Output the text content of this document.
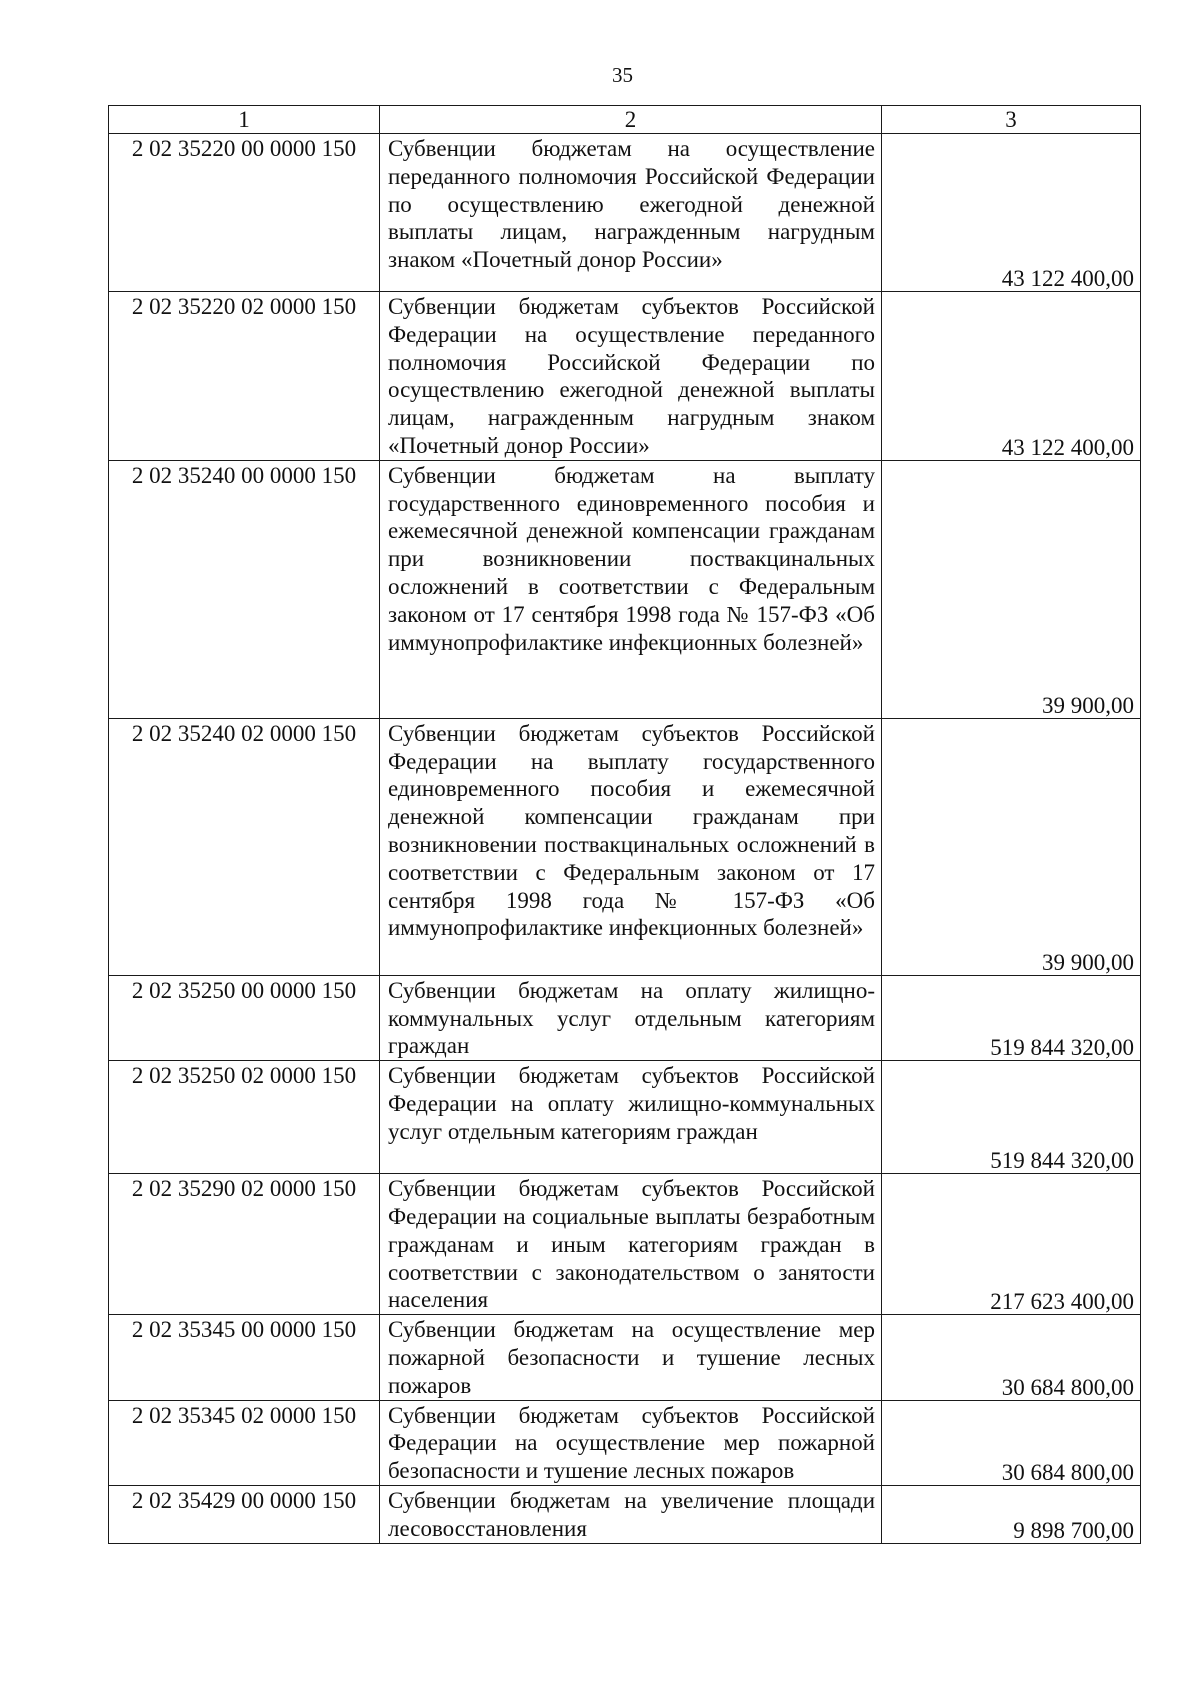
35
1	2	3
2 02 35220 00 0000 150	Субвенции бюджетам на осуществление переданного полномочия Российской Федерации по осуществлению ежегодной денежной выплаты лицам, награжденным нагрудным знаком «Почетный донор России»	43 122 400,00
2 02 35220 02 0000 150	Субвенции бюджетам субъектов Российской Федерации на осуществление переданного полномочия Российской Федерации по осуществлению ежегодной денежной выплаты лицам, награжденным нагрудным знаком «Почетный донор России»	43 122 400,00
2 02 35240 00 0000 150	Субвенции бюджетам на выплату государственного единовременного пособия и ежемесячной денежной компенсации гражданам при возникновении поствакцинальных осложнений в соответствии с Федеральным законом от 17 сентября 1998 года № 157-ФЗ «Об иммунопрофилактике инфекционных болезней»	39 900,00
2 02 35240 02 0000 150	Субвенции бюджетам субъектов Российской Федерации на выплату государственного единовременного пособия и ежемесячной денежной компенсации гражданам при возникновении поствакцинальных осложнений в соответствии с Федеральным законом от 17 сентября 1998 года № 157-ФЗ «Об иммунопрофилактике инфекционных болезней»	39 900,00
2 02 35250 00 0000 150	Субвенции бюджетам на оплату жилищно-коммунальных услуг отдельным категориям граждан	519 844 320,00
2 02 35250 02 0000 150	Субвенции бюджетам субъектов Российской Федерации на оплату жилищно-коммунальных услуг отдельным категориям граждан	519 844 320,00
2 02 35290 02 0000 150	Субвенции бюджетам субъектов Российской Федерации на социальные выплаты безработным гражданам и иным категориям граждан в соответствии с законодательством о занятости населения	217 623 400,00
2 02 35345 00 0000 150	Субвенции бюджетам на осуществление мер пожарной безопасности и тушение лесных пожаров	30 684 800,00
2 02 35345 02 0000 150	Субвенции бюджетам субъектов Российской Федерации на осуществление мер пожарной безопасности и тушение лесных пожаров	30 684 800,00
2 02 35429 00 0000 150	Субвенции бюджетам на увеличение площади лесовосстановления	9 898 700,00
